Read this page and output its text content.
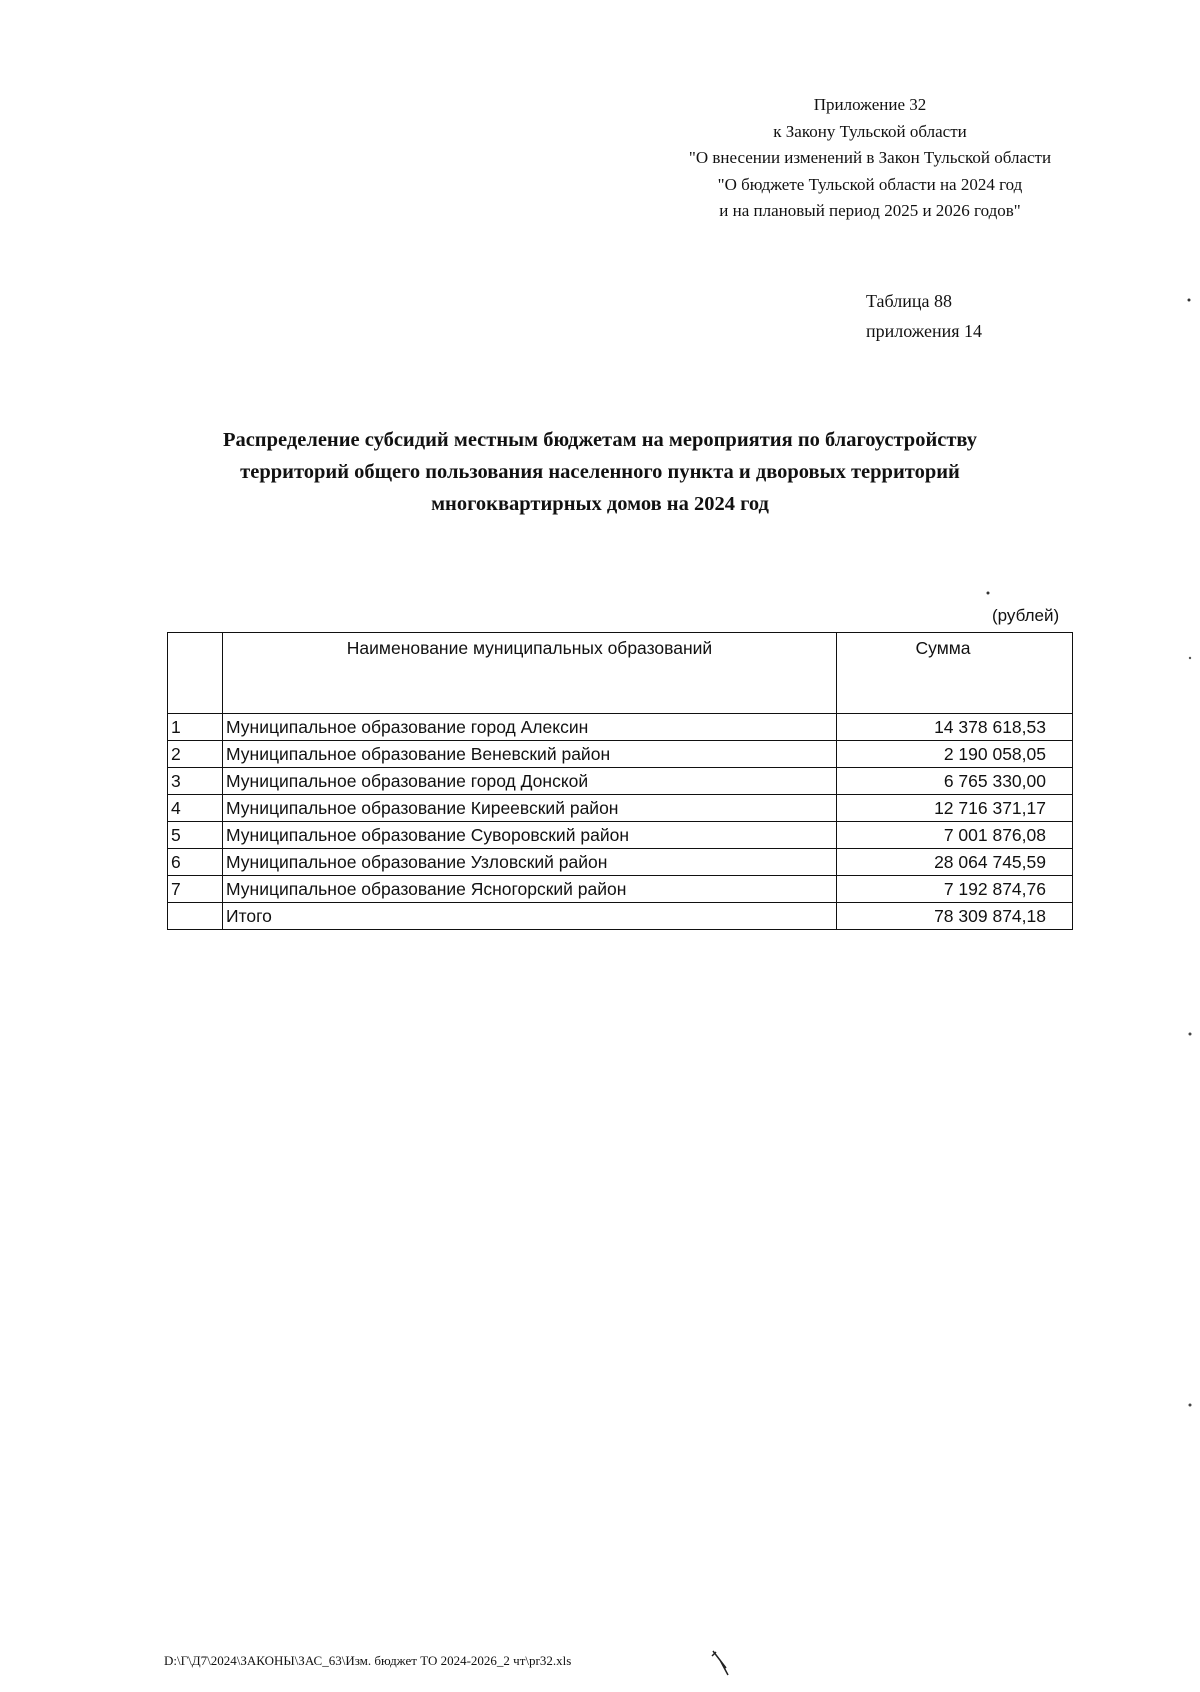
Приложение 32
к Закону Тульской области
"О внесении изменений в Закон Тульской области
"О бюджете Тульской области на 2024 год
и на плановый период 2025 и 2026 годов"
Таблица 88
приложения 14
Распределение субсидий местным бюджетам на мероприятия по благоустройству
территорий общего пользования населенного пункта и дворовых территорий
многоквартирных домов на 2024 год
(рублей)
	Наименование муниципальных образований	Сумма
1	Муниципальное образование город Алексин	14 378 618,53
2	Муниципальное образование Веневский район	2 190 058,05
3	Муниципальное образование город Донской	6 765 330,00
4	Муниципальное образование Киреевский район	12 716 371,17
5	Муниципальное образование Суворовский район	7 001 876,08
6	Муниципальное образование Узловский район	28 064 745,59
7	Муниципальное образование Ясногорский район	7 192 874,76
	Итого	78 309 874,18
D:\Г\Д7\2024\ЗАКОНЫ\ЗАС_63\Изм. бюджет ТО 2024-2026_2 чт\pr32.xls
